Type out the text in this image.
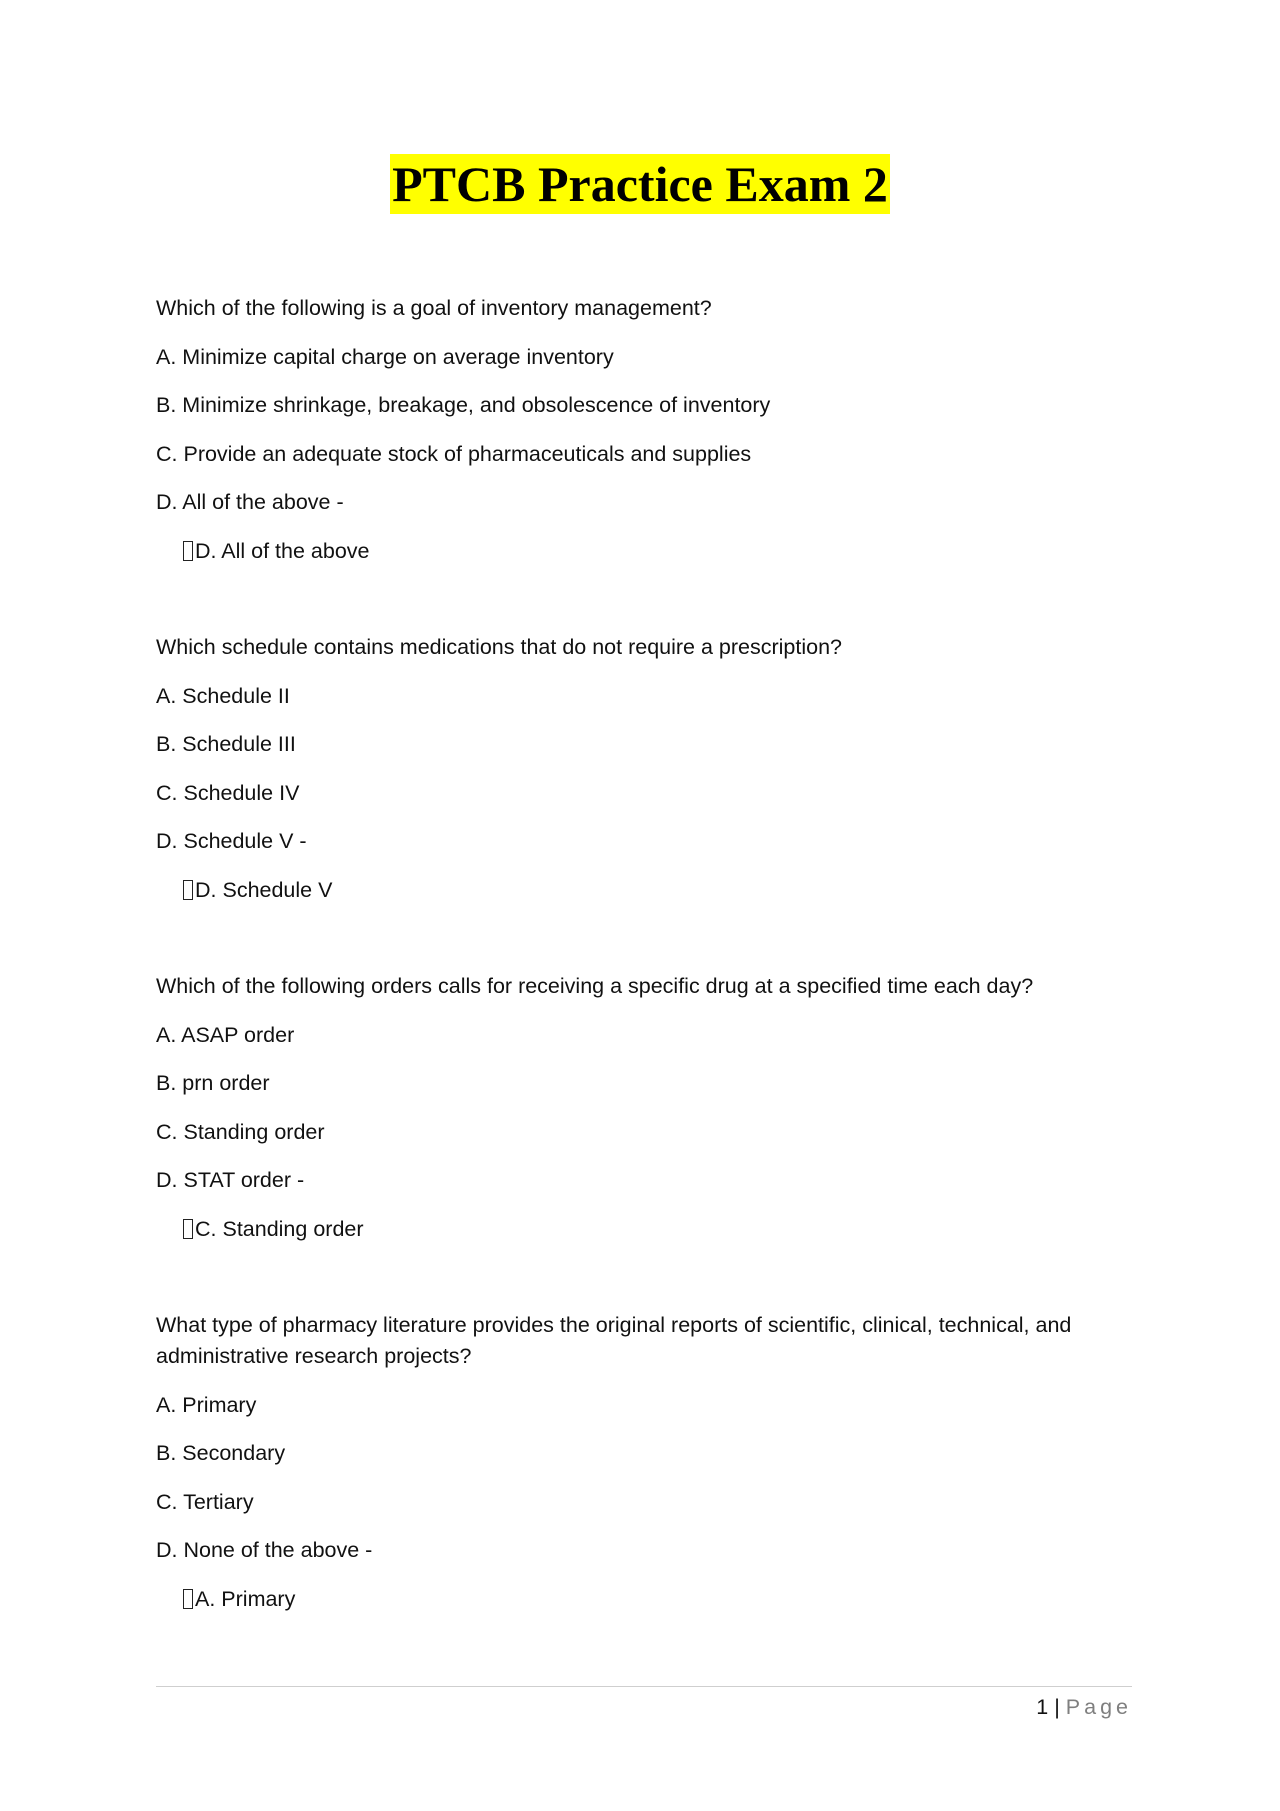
PTCB Practice Exam 2

Which of the following is a goal of inventory management?

A. Minimize capital charge on average inventory

B. Minimize shrinkage, breakage, and obsolescence of inventory

C. Provide an adequate stock of pharmaceuticals and supplies

D. All of the above -

D. All of the above

Which schedule contains medications that do not require a prescription?

A. Schedule II

B. Schedule III

C. Schedule IV

D. Schedule V -

D. Schedule V

Which of the following orders calls for receiving a specific drug at a specified time each day?

A. ASAP order

B. prn order

C. Standing order

D. STAT order -

C. Standing order

What type of pharmacy literature provides the original reports of scientific, clinical, technical, and administrative research projects?

A. Primary

B. Secondary

C. Tertiary

D. None of the above -

A. Primary

1 | Page
